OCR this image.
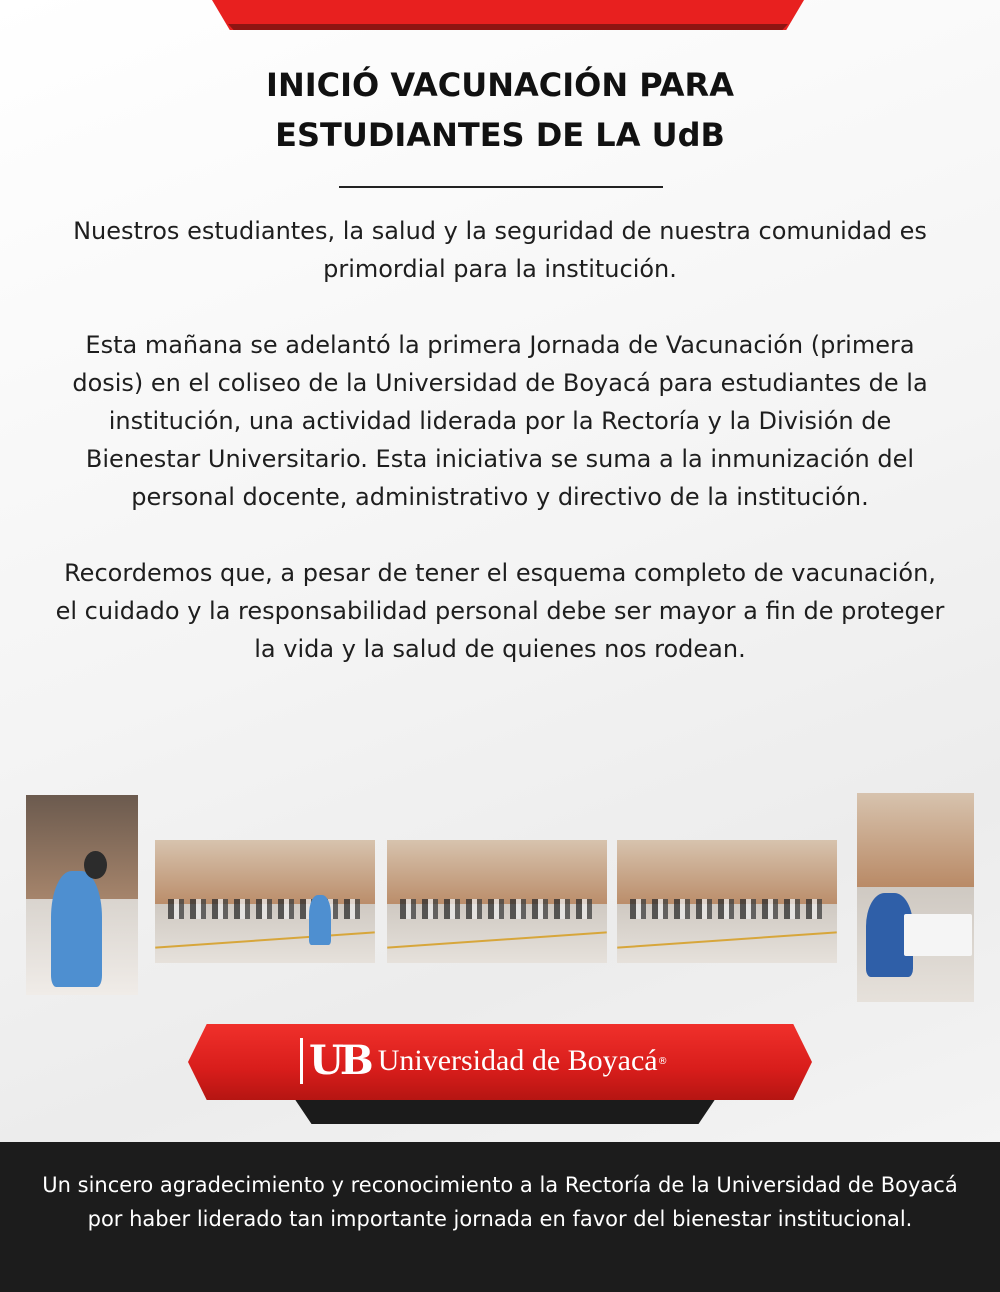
INICIÓ VACUNACIÓN PARA
ESTUDIANTES DE LA UdB

Nuestros estudiantes, la salud y la seguridad de nuestra comunidad es primordial para la institución.

Esta mañana se adelantó la primera Jornada de Vacunación (primera dosis) en el coliseo de la Universidad de Boyacá para estudiantes de la institución, una actividad liderada por la Rectoría y la División de Bienestar Universitario. Esta iniciativa se suma a la inmunización del personal docente, administrativo y directivo de la institución.

Recordemos que, a pesar de tener el esquema completo de vacunación, el cuidado y la responsabilidad personal debe ser mayor a fin de proteger la vida y la salud de quienes nos rodean.

UB Universidad de Boyacá ®
Un sincero agradecimiento y reconocimiento a la Rectoría de la Universidad de Boyacá por haber liderado tan importante jornada en favor del bienestar institucional.
